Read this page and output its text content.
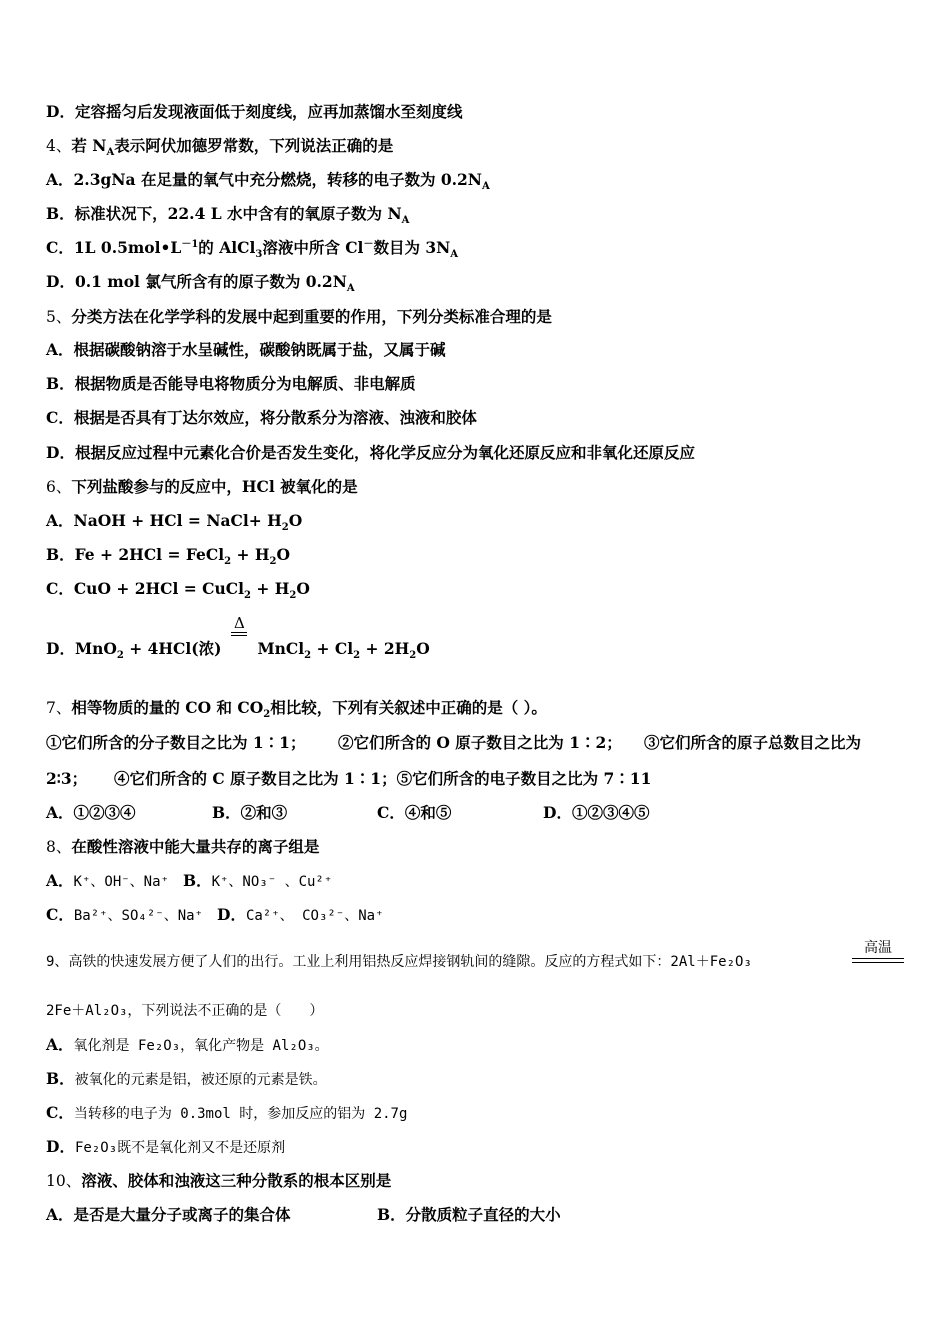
D．定容摇匀后发现液面低于刻度线，应再加蒸馏水至刻度线
4、若 $N_A$表示阿伏加德罗常数，下列说法正确的是
A．2.3gNa 在足量的氧气中充分燃烧，转移的电子数为 $0.2N_A$
B．标准状况下，22.4 L 水中含有的氧原子数为 $N_A$
C．1L $0.5mol•L^{-1}$的 AlCl$_3$溶液中所含 Cl－数目为 $3N_A$
D．0.1 mol 氯气所含有的原子数为 $0.2N_A$
5、分类方法在化学学科的发展中起到重要的作用，下列分类标准合理的是
A．根据碳酸钠溶于水呈碱性，碳酸钠既属于盐，又属于碱
B．根据物质是否能导电将物质分为电解质、非电解质
C．根据是否具有丁达尔效应，将分散系分为溶液、浊液和胶体
D．根据反应过程中元素化合价是否发生变化，将化学反应分为氧化还原反应和非氧化还原反应
6、下列盐酸参与的反应中，HCl 被氧化的是
A．NaOH + HCl = NaCl+ $H_2O$
B．Fe + 2HCl = FeCl$_2$ + $H_2O$
C．CuO + 2HCl = CuCl$_2$ + $H_2O$
D．MnO$_2$ + 4HCl(浓)
Δ
MnCl$_2$ + $Cl_2 + 2H_2O$
7、相等物质的量的 CO 和 $CO_2$相比较，下列有关叙述中正确的是（ ）。
①它们所含的分子数目之比为 1∶1； ②它们所含的 O 原子数目之比为 1∶2； ③它们所含的原子总数目之比为
2∶3； ④它们所含的 C 原子数目之比为 1∶1；⑤它们所含的电子数目之比为 7∶11
A．①②③④	B．②和③	C．④和⑤	D．①②③④⑤
8、在酸性溶液中能大量共存的离子组是
A．K⁺、OH⁻、Na⁺ B．K⁺、NO₃⁻ 、Cu²⁺
C．Ba²⁺、SO₄²⁻、Na⁺ D．Ca²⁺、 CO₃²⁻、Na⁺
9、高铁的快速发展方便了人们的出行。工业上利用铝热反应焊接钢轨间的缝隙。反应的方程式如下：2Al＋Fe₂O₃
高温
2Fe＋Al₂O₃，下列说法不正确的是（　　）
A．氧化剂是 Fe₂O₃，氧化产物是 Al₂O₃。
B．被氧化的元素是铝，被还原的元素是铁。
C．当转移的电子为 0.3mol 时，参加反应的铝为 2.7g
D．Fe₂O₃既不是氧化剂又不是还原剂
10、溶液、胶体和浊液这三种分散系的根本区别是
A．是否是大量分子或离子的集合体	B．分散质粒子直径的大小
